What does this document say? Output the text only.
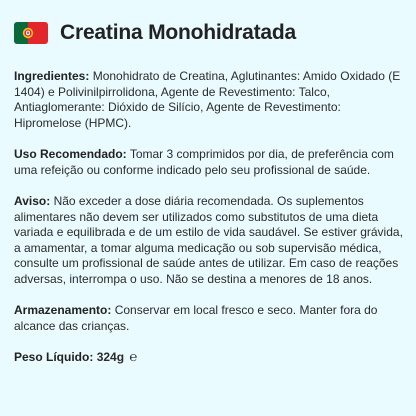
Creatina Monohidratada

Ingredientes: Monohidrato de Creatina, Aglutinantes: Amido Oxidado (E 1404) e Polivinilpirrolidona, Agente de Revestimento: Talco, Antiaglomerante: Dióxido de Silício, Agente de Revestimento: Hipromelose (HPMC).

Uso Recomendado: Tomar 3 comprimidos por dia, de preferência com uma refeição ou conforme indicado pelo seu profissional de saúde.

Aviso: Não exceder a dose diária recomendada. Os suplementos alimentares não devem ser utilizados como substitutos de uma dieta variada e equilibrada e de um estilo de vida saudável. Se estiver grávida, a amamentar, a tomar alguma medicação ou sob supervisão médica, consulte um profissional de saúde antes de utilizar. Em caso de reações adversas, interrompa o uso. Não se destina a menores de 18 anos.

Armazenamento: Conservar em local fresco e seco. Manter fora do alcance das crianças.

Peso Líquido: 324g ℮
